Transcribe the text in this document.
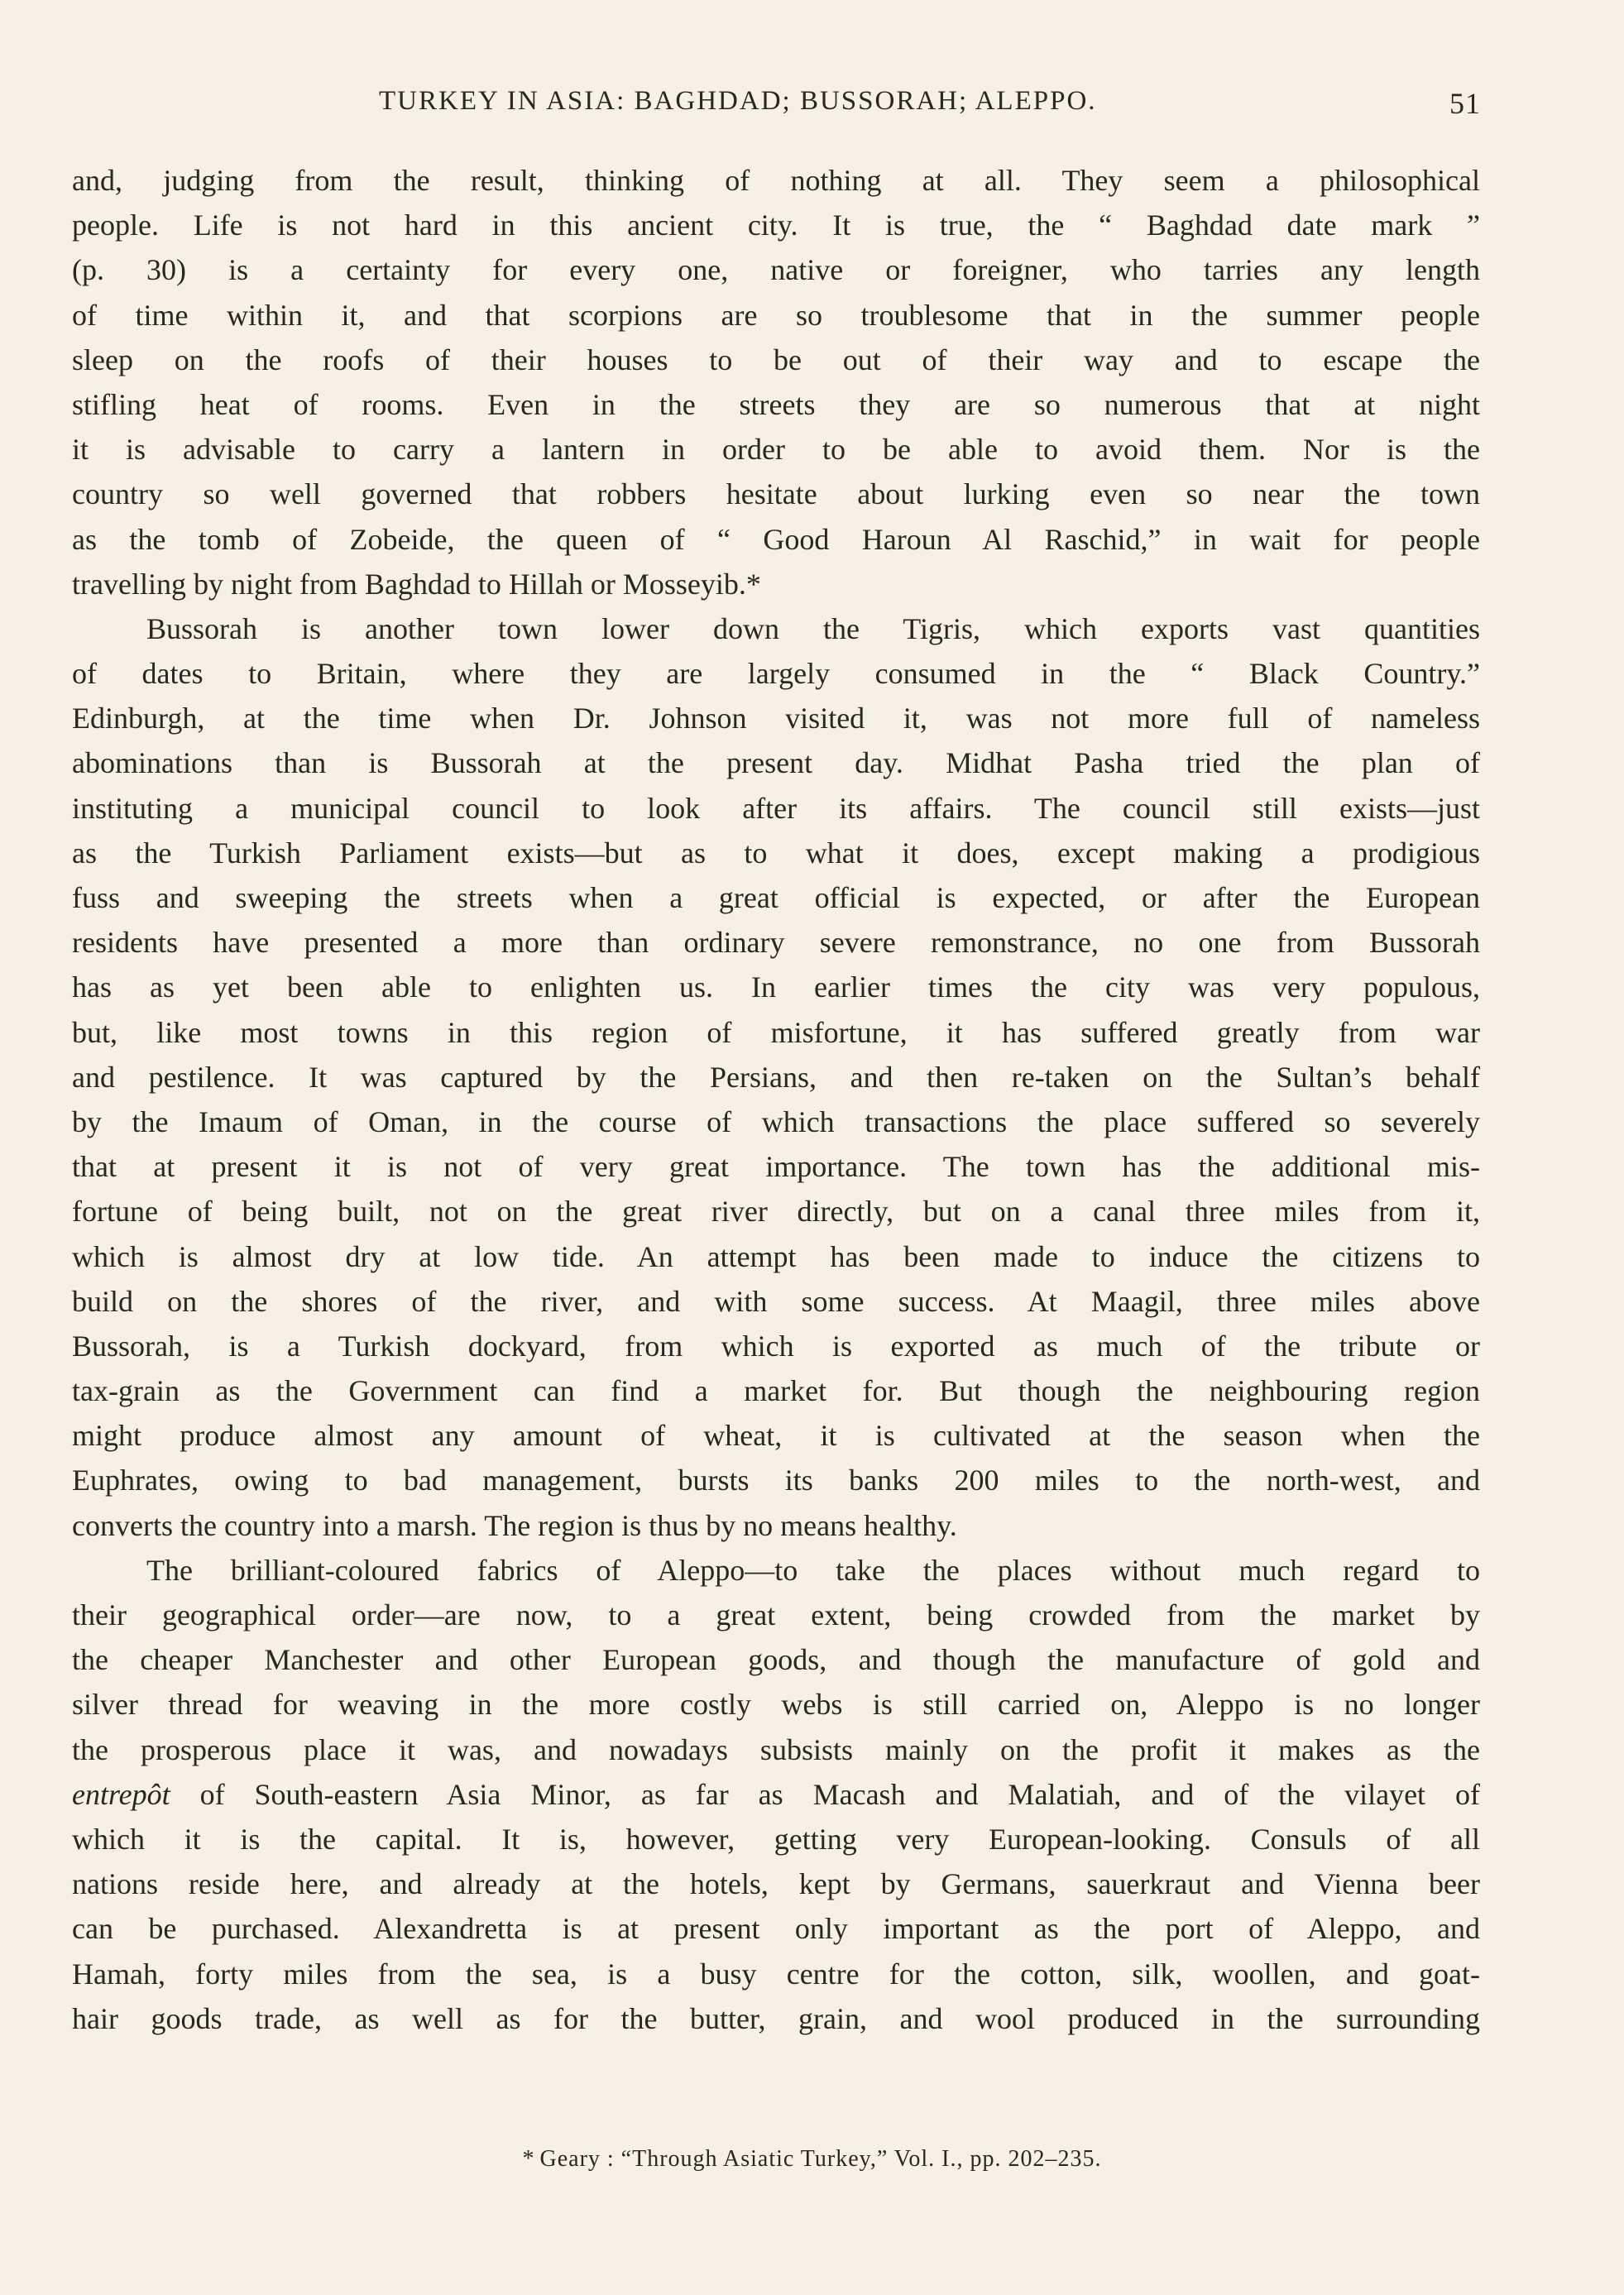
TURKEY IN ASIA: BAGHDAD; BUSSORAH; ALEPPO.	51
and, judging from the result, thinking of nothing at all. They seem a philosophical
people. Life is not hard in this ancient city. It is true, the “ Baghdad date mark ”
(p. 30) is a certainty for every one, native or foreigner, who tarries any length
of time within it, and that scorpions are so troublesome that in the summer people
sleep on the roofs of their houses to be out of their way and to escape the
stifling heat of rooms. Even in the streets they are so numerous that at night
it is advisable to carry a lantern in order to be able to avoid them. Nor is the
country so well governed that robbers hesitate about lurking even so near the town
as the tomb of Zobeide, the queen of “ Good Haroun Al Raschid,” in wait for people
travelling by night from Baghdad to Hillah or Mosseyib.*
Bussorah is another town lower down the Tigris, which exports vast quantities
of dates to Britain, where they are largely consumed in the “ Black Country.”
Edinburgh, at the time when Dr. Johnson visited it, was not more full of nameless
abominations than is Bussorah at the present day. Midhat Pasha tried the plan of
instituting a municipal council to look after its affairs. The council still exists—just
as the Turkish Parliament exists—but as to what it does, except making a prodigious
fuss and sweeping the streets when a great official is expected, or after the European
residents have presented a more than ordinary severe remonstrance, no one from Bussorah
has as yet been able to enlighten us. In earlier times the city was very populous,
but, like most towns in this region of misfortune, it has suffered greatly from war
and pestilence. It was captured by the Persians, and then re-taken on the Sultan’s behalf
by the Imaum of Oman, in the course of which transactions the place suffered so severely
that at present it is not of very great importance. The town has the additional mis-
fortune of being built, not on the great river directly, but on a canal three miles from it,
which is almost dry at low tide. An attempt has been made to induce the citizens to
build on the shores of the river, and with some success. At Maagil, three miles above
Bussorah, is a Turkish dockyard, from which is exported as much of the tribute or
tax-grain as the Government can find a market for. But though the neighbouring region
might produce almost any amount of wheat, it is cultivated at the season when the
Euphrates, owing to bad management, bursts its banks 200 miles to the north-west, and
converts the country into a marsh. The region is thus by no means healthy.
The brilliant-coloured fabrics of Aleppo—to take the places without much regard to
their geographical order—are now, to a great extent, being crowded from the market by
the cheaper Manchester and other European goods, and though the manufacture of gold and
silver thread for weaving in the more costly webs is still carried on, Aleppo is no longer
the prosperous place it was, and nowadays subsists mainly on the profit it makes as the
entrepôt of South-eastern Asia Minor, as far as Macash and Malatiah, and of the vilayet of
which it is the capital. It is, however, getting very European-looking. Consuls of all
nations reside here, and already at the hotels, kept by Germans, sauerkraut and Vienna beer
can be purchased. Alexandretta is at present only important as the port of Aleppo, and
Hamah, forty miles from the sea, is a busy centre for the cotton, silk, woollen, and goat-
hair goods trade, as well as for the butter, grain, and wool produced in the surrounding
* Geary : “Through Asiatic Turkey,” Vol. I., pp. 202–235.
